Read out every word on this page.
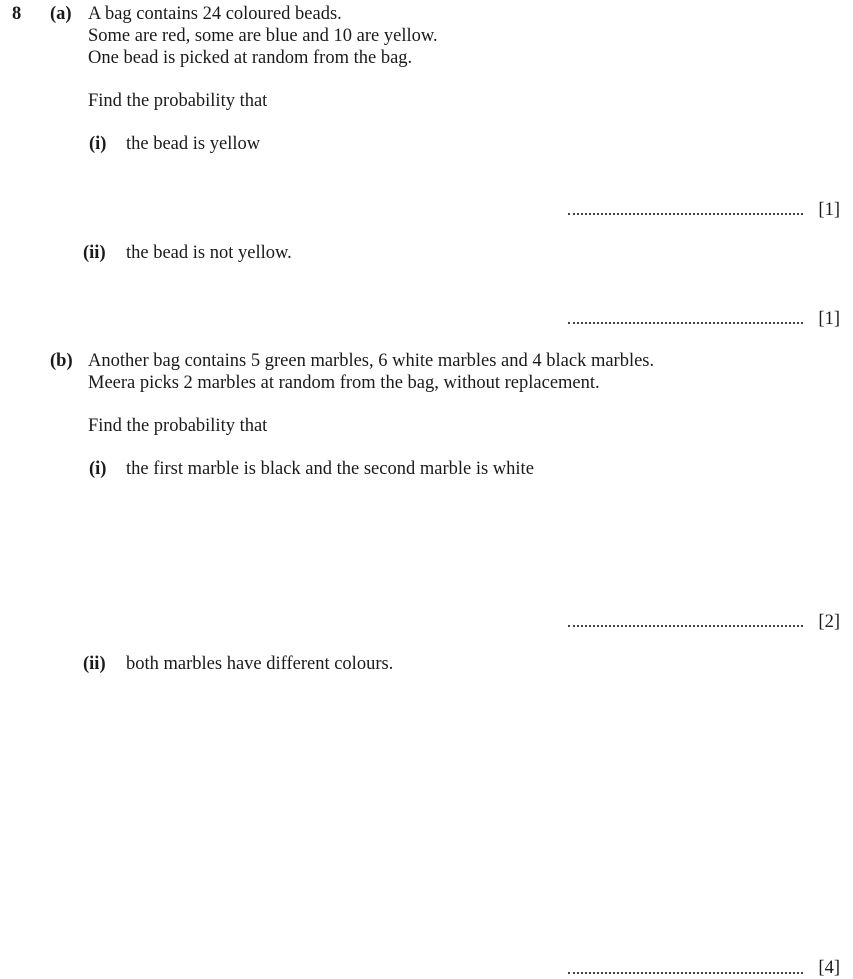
8 (a) A bag contains 24 coloured beads.
Some are red, some are blue and 10 are yellow.
One bead is picked at random from the bag.
Find the probability that
(i) the bead is yellow
[1]
(ii) the bead is not yellow.
[1]
(b) Another bag contains 5 green marbles, 6 white marbles and 4 black marbles.
Meera picks 2 marbles at random from the bag, without replacement.
Find the probability that
(i) the first marble is black and the second marble is white
[2]
(ii) both marbles have different colours.
[4]
